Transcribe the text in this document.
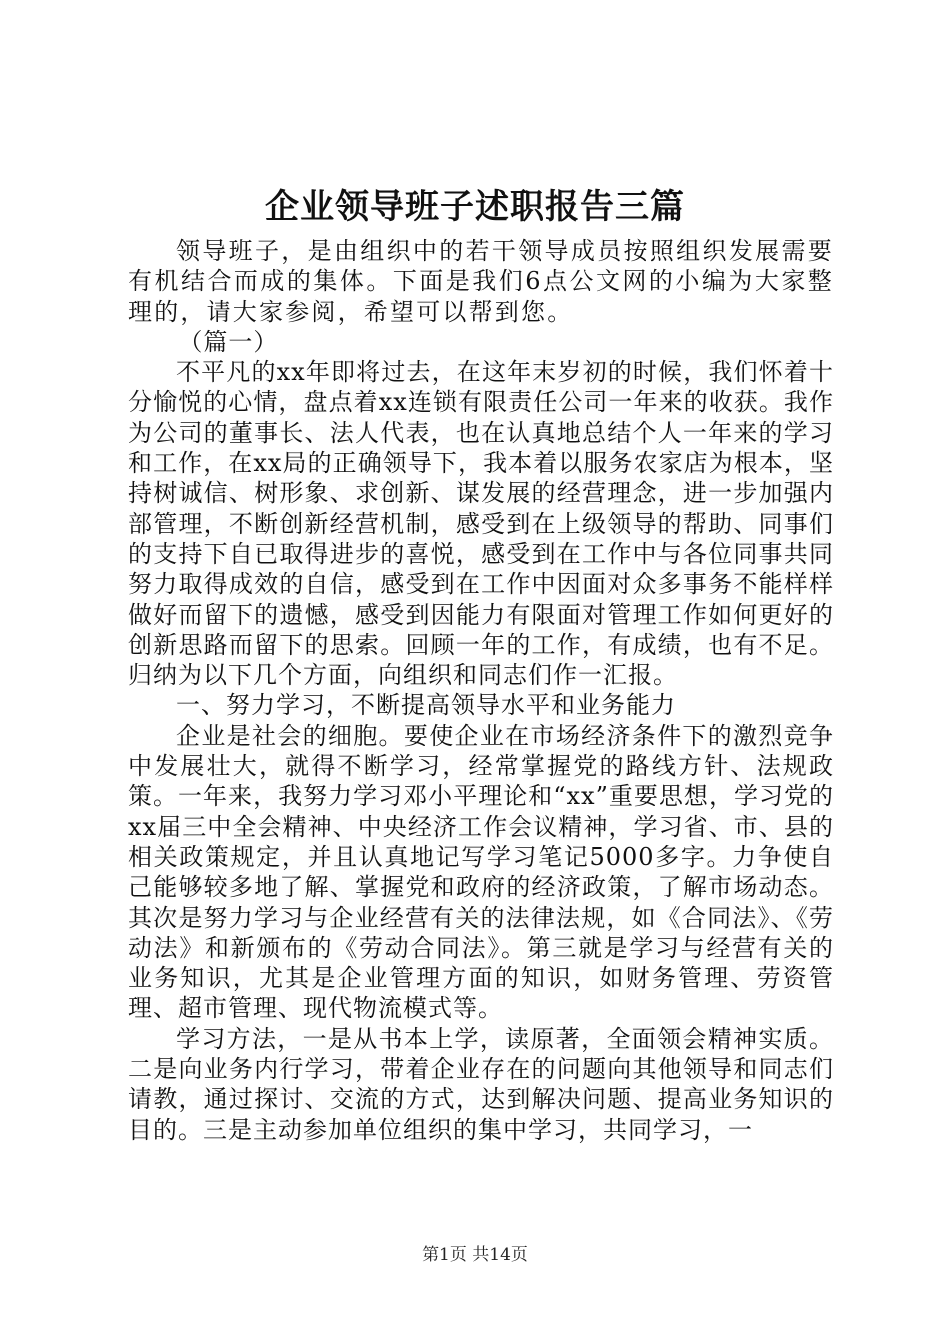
企业领导班子述职报告三篇

领导班子，是由组织中的若干领导成员按照组织发展需要有机结合而成的集体。下面是我们6点公文网的小编为大家整理的，请大家参阅，希望可以帮到您。

（篇一）

不平凡的xx年即将过去，在这年末岁初的时候，我们怀着十分愉悦的心情，盘点着xx连锁有限责任公司一年来的收获。我作为公司的董事长、法人代表，也在认真地总结个人一年来的学习和工作，在xx局的正确领导下，我本着以服务农家店为根本，坚持树诚信、树形象、求创新、谋发展的经营理念，进一步加强内部管理，不断创新经营机制，感受到在上级领导的帮助、同事们的支持下自已取得进步的喜悦，感受到在工作中与各位同事共同努力取得成效的自信，感受到在工作中因面对众多事务不能样样做好而留下的遗憾，感受到因能力有限面对管理工作如何更好的创新思路而留下的思索。回顾一年的工作，有成绩，也有不足。归纳为以下几个方面，向组织和同志们作一汇报。

一、努力学习，不断提高领导水平和业务能力

企业是社会的细胞。要使企业在市场经济条件下的激烈竞争中发展壮大，就得不断学习，经常掌握党的路线方针、法规政策。一年来，我努力学习邓小平理论和“xx”重要思想，学习党的xx届三中全会精神、中央经济工作会议精神，学习省、市、县的相关政策规定，并且认真地记写学习笔记5000多字。力争使自己能够较多地了解、掌握党和政府的经济政策，了解市场动态。其次是努力学习与企业经营有关的法律法规，如《合同法》、《劳动法》和新颁布的《劳动合同法》。第三就是学习与经营有关的业务知识，尤其是企业管理方面的知识，如财务管理、劳资管理、超市管理、现代物流模式等。

学习方法，一是从书本上学，读原著，全面领会精神实质。二是向业务内行学习，带着企业存在的问题向其他领导和同志们请教，通过探讨、交流的方式，达到解决问题、提高业务知识的目的。三是主动参加单位组织的集中学习，共同学习，一

第1页 共14页
